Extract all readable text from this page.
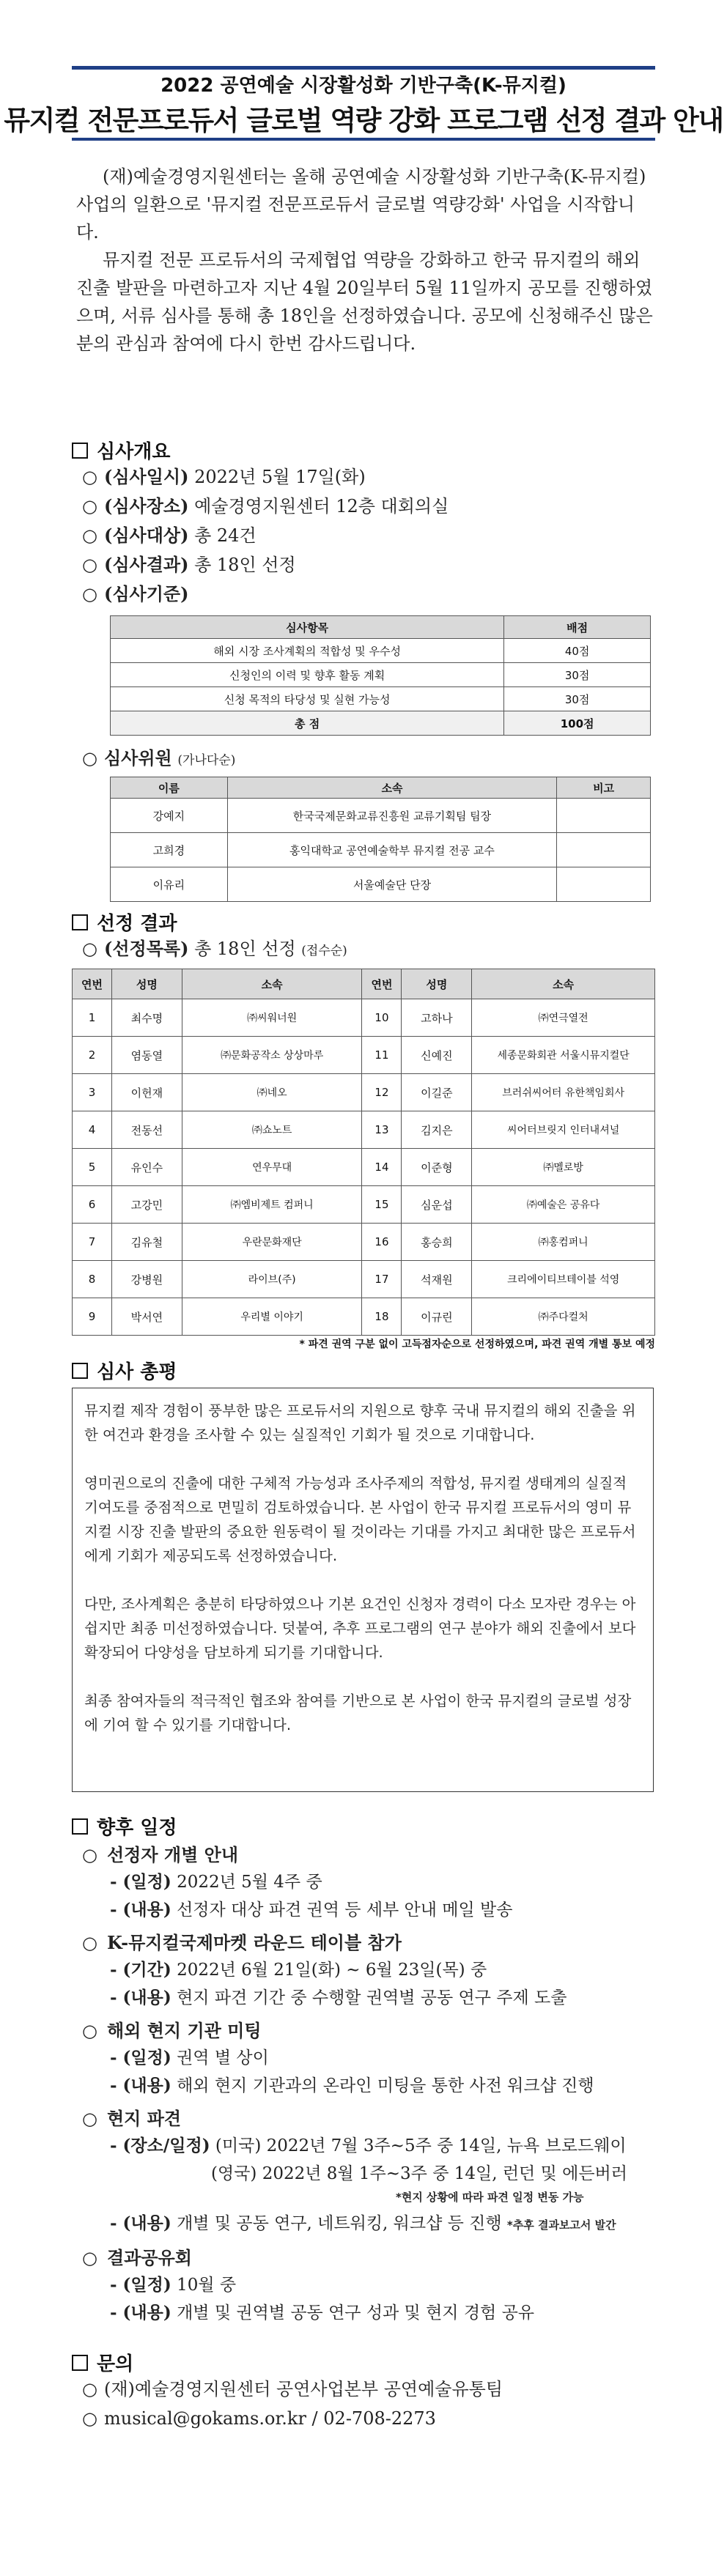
2022 공연예술 시장활성화 기반구축(K-뮤지컬)
뮤지컬 전문프로듀서 글로벌 역량 강화 프로그램 선정 결과 안내

(재)예술경영지원센터는 올해 공연예술 시장활성화 기반구축(K-뮤지컬) 사업의 일환으로 '뮤지컬 전문프로듀서 글로벌 역량강화' 사업을 시작합니다.

뮤지컬 전문 프로듀서의 국제협업 역량을 강화하고 한국 뮤지컬의 해외 진출 발판을 마련하고자 지난 4월 20일부터 5월 11일까지 공모를 진행하였으며, 서류 심사를 통해 총 18인을 선정하였습니다. 공모에 신청해주신 많은 분의 관심과 참여에 다시 한번 감사드립니다.

심사개요
○ (심사일시) 2022년 5월 17일(화)
○ (심사장소) 예술경영지원센터 12층 대회의실
○ (심사대상) 총 24건
○ (심사결과) 총 18인 선정
○ (심사기준)
심사항목	배점
해외 시장 조사계획의 적합성 및 우수성	40점
신청인의 이력 및 향후 활동 계획	30점
신청 목적의 타당성 및 실현 가능성	30점
총 점	100점
○ 심사위원 (가나다순)
이름	소속	비고
강예지	한국국제문화교류진흥원 교류기획팀 팀장	
고희경	홍익대학교 공연예술학부 뮤지컬 전공 교수	
이유리	서울예술단 단장	
선정 결과
○ (선정목록) 총 18인 선정 (접수순)
연번	성명	소속	연번	성명	소속
1	최수명	㈜씨워너원	10	고하나	㈜연극열전
2	염동열	㈜문화공작소 상상마루	11	신예진	세종문화회관 서울시뮤지컬단
3	이헌재	㈜네오	12	이길준	브러쉬씨어터 유한책임회사
4	전동선	㈜쇼노트	13	김지은	씨어터브릿지 인터내셔널
5	유인수	연우무대	14	이준형	㈜멜로방
6	고강민	㈜엠비제트 컴퍼니	15	심운섭	㈜예술은 공유다
7	김유철	우란문화재단	16	홍승희	㈜홍컴퍼니
8	강병원	라이브(주)	17	석재원	크리에이티브테이블 석영
9	박서연	우리별 이야기	18	이규린	㈜주다컬처
* 파견 권역 구분 없이 고득점자순으로 선정하였으며, 파견 권역 개별 통보 예정
심사 총평

뮤지컬 제작 경험이 풍부한 많은 프로듀서의 지원으로 향후 국내 뮤지컬의 해외 진출을 위한 여건과 환경을 조사할 수 있는 실질적인 기회가 될 것으로 기대합니다.

영미권으로의 진출에 대한 구체적 가능성과 조사주제의 적합성, 뮤지컬 생태계의 실질적 기여도를 중점적으로 면밀히 검토하였습니다. 본 사업이 한국 뮤지컬 프로듀서의 영미 뮤지컬 시장 진출 발판의 중요한 원동력이 될 것이라는 기대를 가지고 최대한 많은 프로듀서에게 기회가 제공되도록 선정하였습니다.

다만, 조사계획은 충분히 타당하였으나 기본 요건인 신청자 경력이 다소 모자란 경우는 아쉽지만 최종 미선정하였습니다. 덧붙여, 추후 프로그램의 연구 분야가 해외 진출에서 보다 확장되어 다양성을 담보하게 되기를 기대합니다.

최종 참여자들의 적극적인 협조와 참여를 기반으로 본 사업이 한국 뮤지컬의 글로벌 성장에 기여 할 수 있기를 기대합니다.

향후 일정
○ 선정자 개별 안내
- (일정) 2022년 5월 4주 중
- (내용) 선정자 대상 파견 권역 등 세부 안내 메일 발송
○ K-뮤지컬국제마켓 라운드 테이블 참가
- (기간) 2022년 6월 21일(화) ~ 6월 23일(목) 중
- (내용) 현지 파견 기간 중 수행할 권역별 공동 연구 주제 도출
○ 해외 현지 기관 미팅
- (일정) 권역 별 상이
- (내용) 해외 현지 기관과의 온라인 미팅을 통한 사전 워크샵 진행
○ 현지 파견
- (장소/일정) (미국) 2022년 7월 3주~5주 중 14일, 뉴욕 브로드웨이
(영국) 2022년 8월 1주~3주 중 14일, 런던 및 에든버러
*현지 상황에 따라 파견 일정 변동 가능
- (내용) 개별 및 공동 연구, 네트워킹, 워크샵 등 진행 *추후 결과보고서 발간
○ 결과공유회
- (일정) 10월 중
- (내용) 개별 및 권역별 공동 연구 성과 및 현지 경험 공유
문의
○ (재)예술경영지원센터 공연사업본부 공연예술유통팀
○ musical@gokams.or.kr / 02-708-2273
